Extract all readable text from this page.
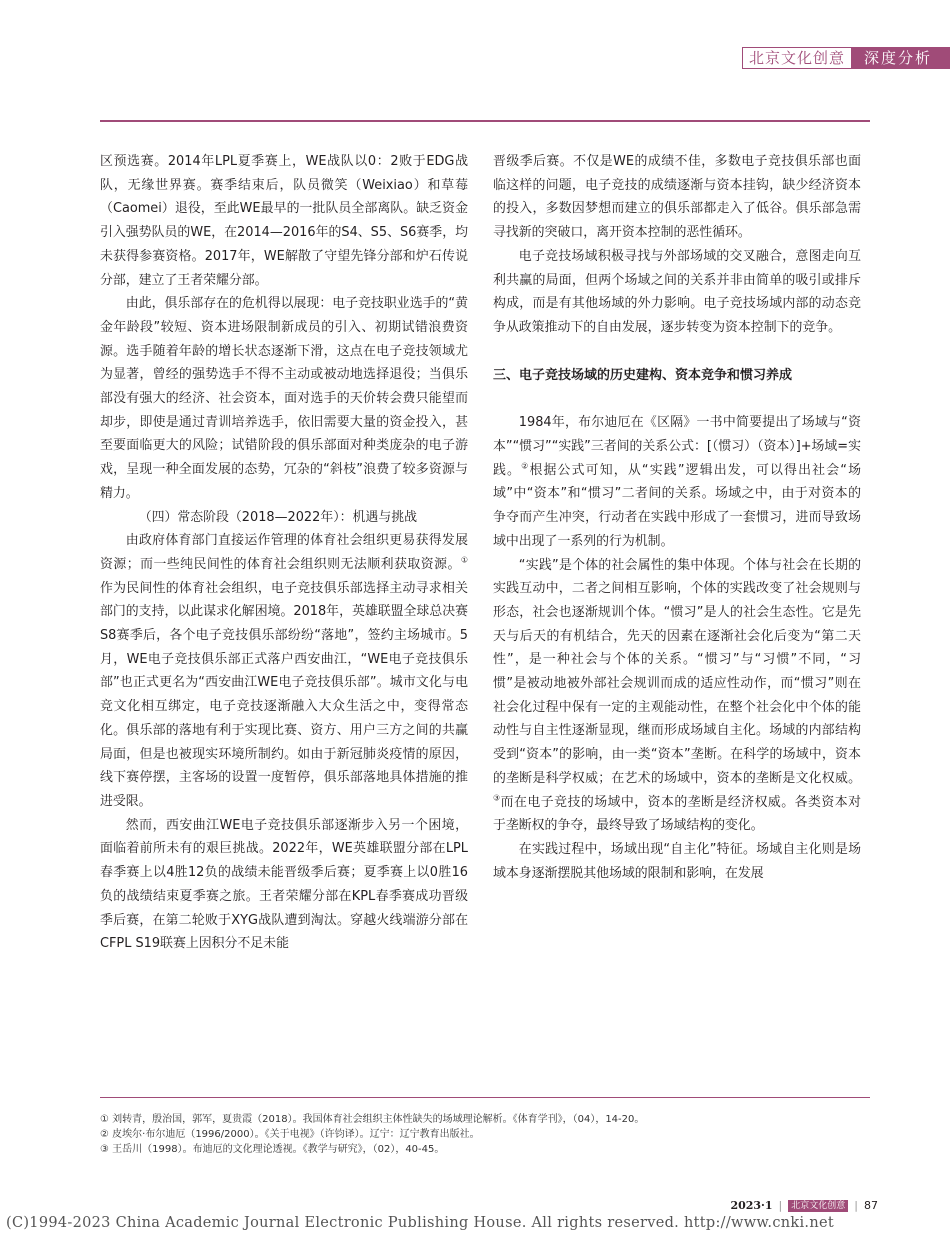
北京文化创意	深度分析

区预选赛。2014年LPL夏季赛上，WE战队以0：2败于EDG战队，无缘世界赛。赛季结束后，队员微笑（Weixiao）和草莓（Caomei）退役，至此WE最早的一批队员全部离队。缺乏资金引入强势队员的WE，在2014—2016年的S4、S5、S6赛季，均未获得参赛资格。2017年，WE解散了守望先锋分部和炉石传说分部，建立了王者荣耀分部。

由此，俱乐部存在的危机得以展现：电子竞技职业选手的“黄金年龄段”较短、资本进场限制新成员的引入、初期试错浪费资源。选手随着年龄的增长状态逐渐下滑，这点在电子竞技领域尤为显著，曾经的强势选手不得不主动或被动地选择退役；当俱乐部没有强大的经济、社会资本，面对选手的天价转会费只能望而却步，即使是通过青训培养选手，依旧需要大量的资金投入，甚至要面临更大的风险；试错阶段的俱乐部面对种类庞杂的电子游戏，呈现一种全面发展的态势，冗杂的“斜枝”浪费了较多资源与精力。

（四）常态阶段（2018—2022年）：机遇与挑战

由政府体育部门直接运作管理的体育社会组织更易获得发展资源；而一些纯民间性的体育社会组织则无法顺利获取资源。①作为民间性的体育社会组织，电子竞技俱乐部选择主动寻求相关部门的支持，以此谋求化解困境。2018年，英雄联盟全球总决赛S8赛季后，各个电子竞技俱乐部纷纷“落地”，签约主场城市。5月，WE电子竞技俱乐部正式落户西安曲江，“WE电子竞技俱乐部”也正式更名为“西安曲江WE电子竞技俱乐部”。城市文化与电竞文化相互绑定，电子竞技逐渐融入大众生活之中，变得常态化。俱乐部的落地有利于实现比赛、资方、用户三方之间的共赢局面，但是也被现实环境所制约。如由于新冠肺炎疫情的原因，线下赛停摆，主客场的设置一度暂停，俱乐部落地具体措施的推进受限。

然而，西安曲江WE电子竞技俱乐部逐渐步入另一个困境，面临着前所未有的艰巨挑战。2022年，WE英雄联盟分部在LPL春季赛上以4胜12负的战绩未能晋级季后赛；夏季赛上以0胜16负的战绩结束夏季赛之旅。王者荣耀分部在KPL春季赛成功晋级季后赛，在第二轮败于XYG战队遭到淘汰。穿越火线端游分部在CFPL S19联赛上因积分不足未能

晋级季后赛。不仅是WE的成绩不佳，多数电子竞技俱乐部也面临这样的问题，电子竞技的成绩逐渐与资本挂钩，缺少经济资本的投入，多数因梦想而建立的俱乐部都走入了低谷。俱乐部急需寻找新的突破口，离开资本控制的恶性循环。

电子竞技场域积极寻找与外部场域的交叉融合，意图走向互利共赢的局面，但两个场域之间的关系并非由简单的吸引或排斥构成，而是有其他场域的外力影响。电子竞技场域内部的动态竞争从政策推动下的自由发展，逐步转变为资本控制下的竞争。

三、电子竞技场域的历史建构、资本竞争和惯习养成

1984年，布尔迪厄在《区隔》一书中简要提出了场域与“资本”“惯习”“实践”三者间的关系公式：[（惯习）（资本）]+场域=实践。②根据公式可知，从“实践”逻辑出发，可以得出社会“场域”中“资本”和“惯习”二者间的关系。场域之中，由于对资本的争夺而产生冲突，行动者在实践中形成了一套惯习，进而导致场域中出现了一系列的行为机制。

“实践”是个体的社会属性的集中体现。个体与社会在长期的实践互动中，二者之间相互影响，个体的实践改变了社会规则与形态，社会也逐渐规训个体。“惯习”是人的社会生态性。它是先天与后天的有机结合，先天的因素在逐渐社会化后变为“第二天性”，是一种社会与个体的关系。“惯习”与“习惯”不同，“习惯”是被动地被外部社会规训而成的适应性动作，而“惯习”则在社会化过程中保有一定的主观能动性，在整个社会化中个体的能动性与自主性逐渐显现，继而形成场域自主化。场域的内部结构受到“资本”的影响，由一类“资本”垄断。在科学的场域中，资本的垄断是科学权威；在艺术的场域中，资本的垄断是文化权威。③而在电子竞技的场域中，资本的垄断是经济权威。各类资本对于垄断权的争夺，最终导致了场域结构的变化。

在实践过程中，场域出现“自主化”特征。场域自主化则是场域本身逐渐摆脱其他场域的限制和影响，在发展

① 刘转青，殷治国，郭军，夏贵霞（2018）。我国体育社会组织主体性缺失的场域理论解析。《体育学刊》，（04），14-20。
② 皮埃尔·布尔迪厄（1996/2000）。《关于电视》（许钧译）。辽宁：辽宁教育出版社。
③ 王岳川（1998）。布迪厄的文化理论透视。《教学与研究》，（02），40-45。
2023·1 |	北京文化创意 | 87
(C)1994-2023 China Academic Journal Electronic Publishing House. All rights reserved. http://www.cnki.net
